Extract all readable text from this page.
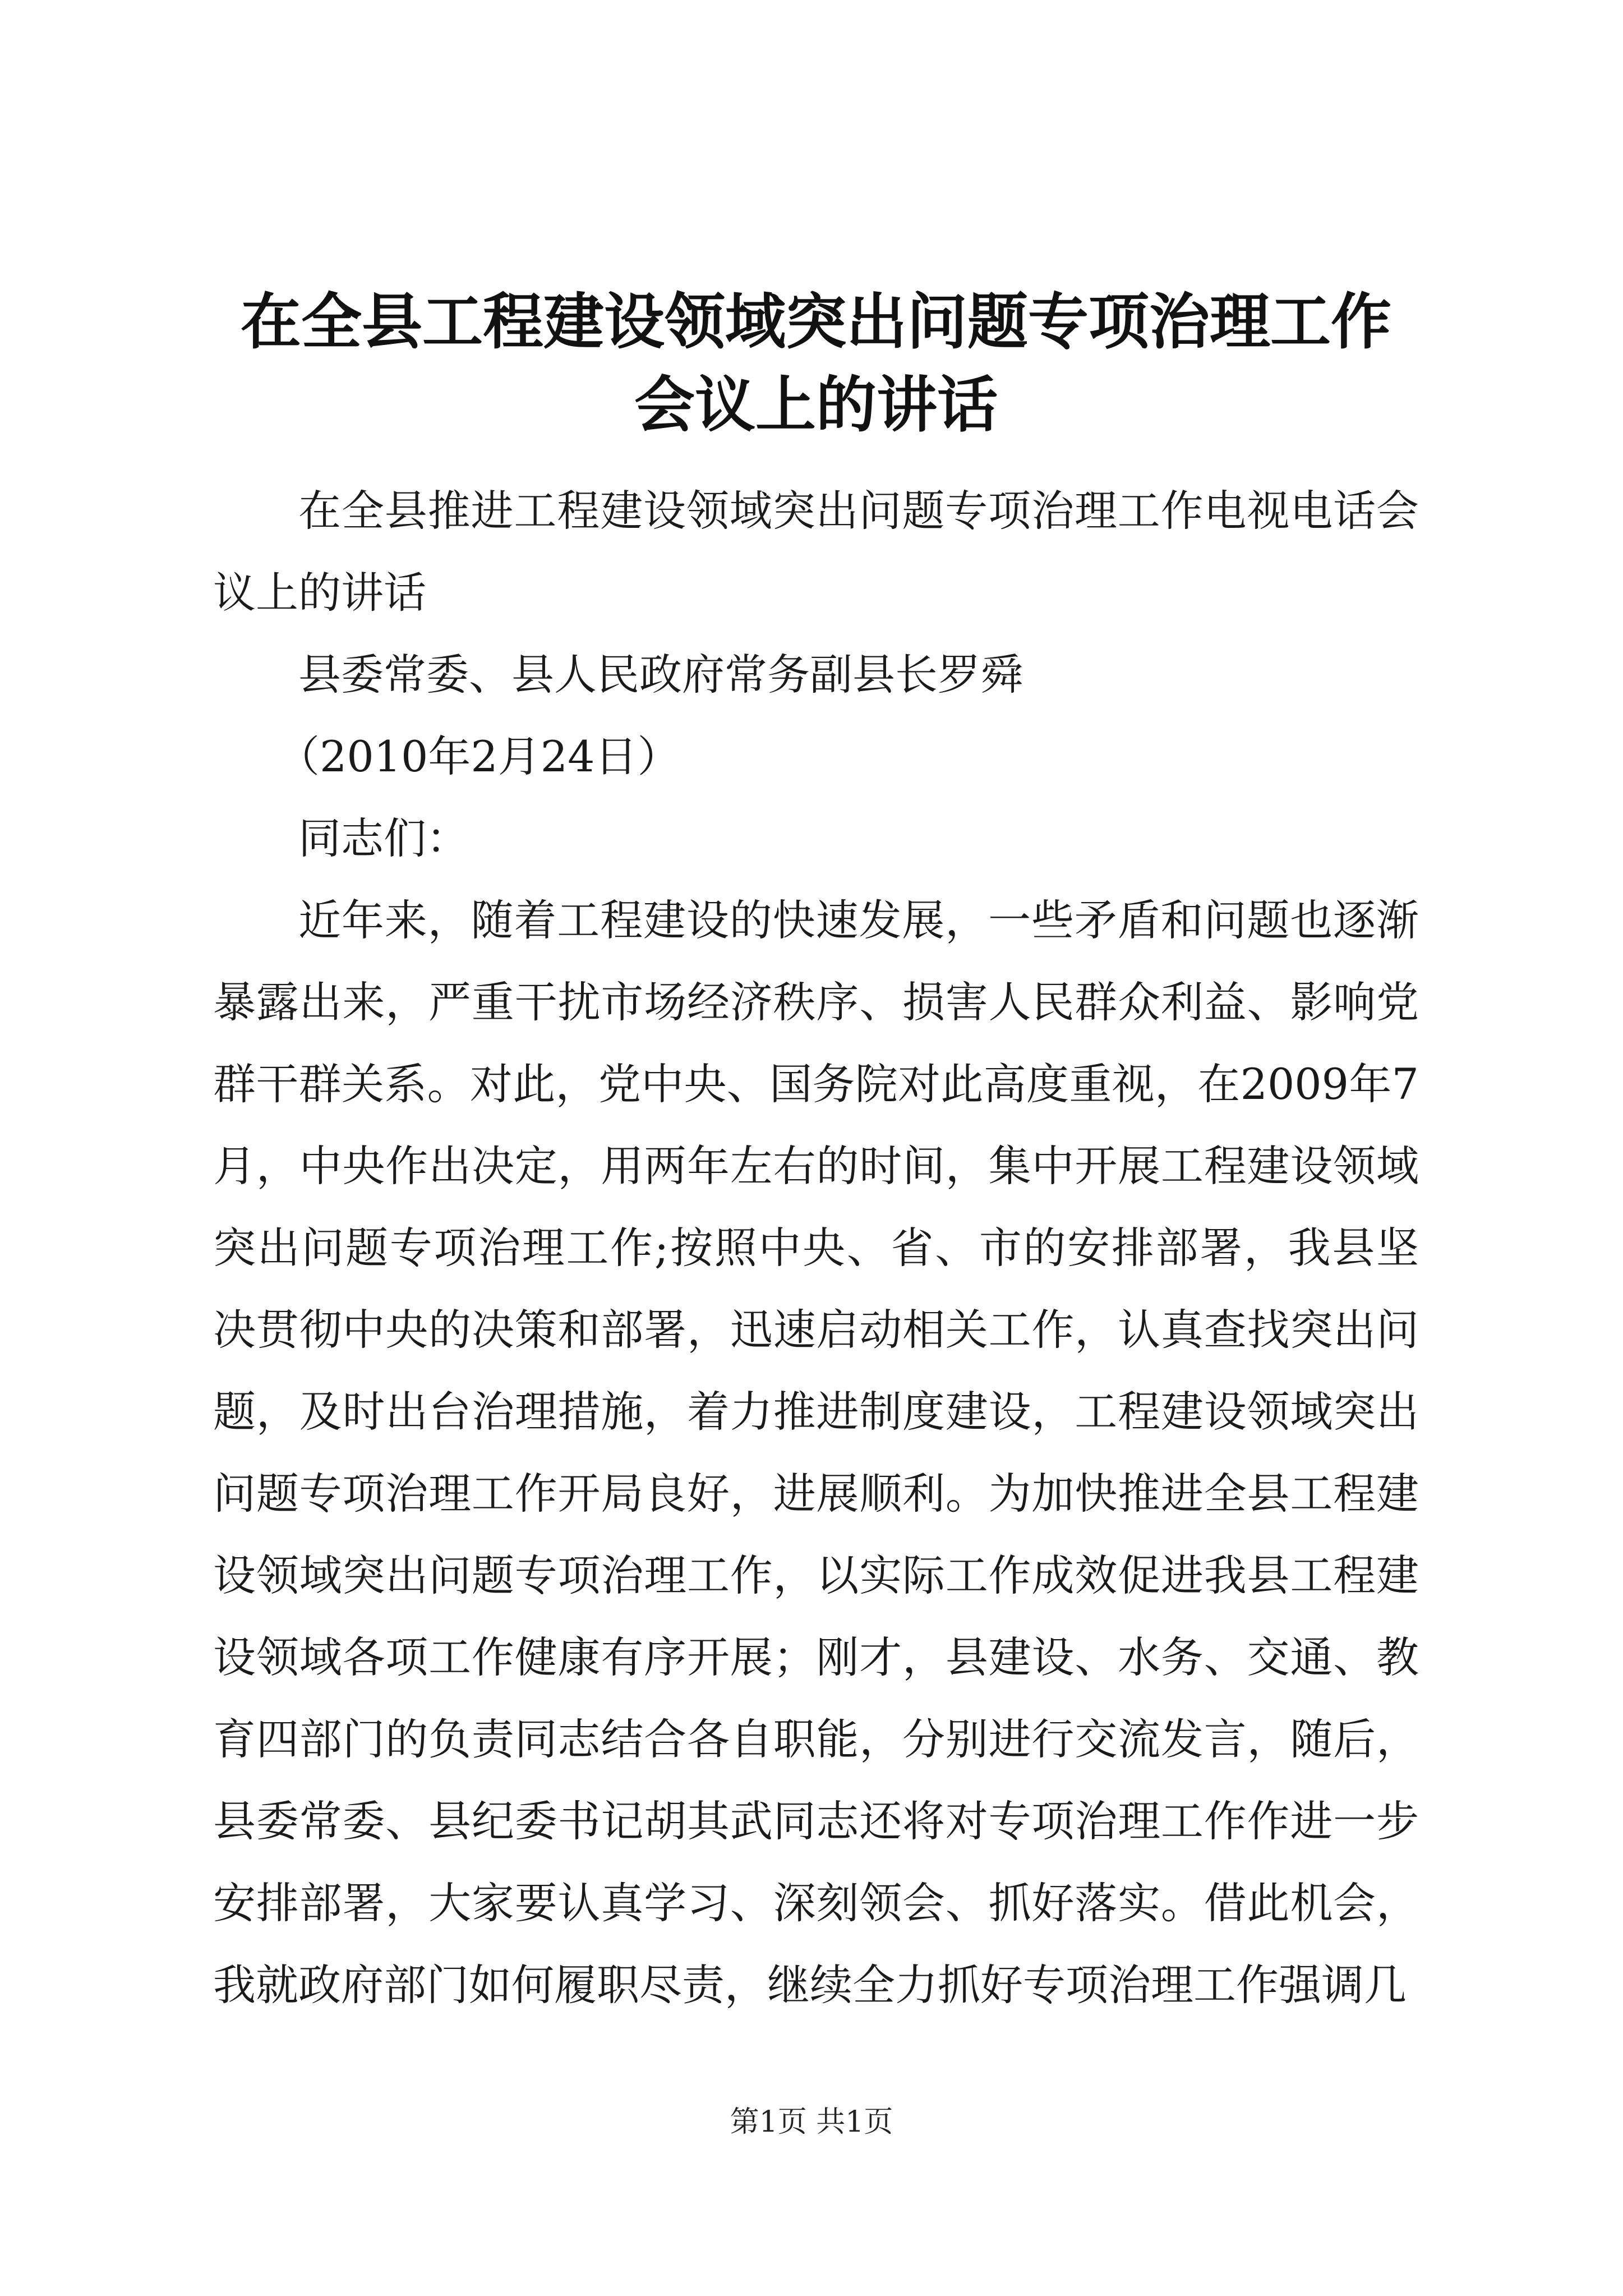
在全县工程建设领域突出问题专项治理工作会议上的讲话

在全县推进工程建设领域突出问题专项治理工作电视电话会议上的讲话

县委常委、县人民政府常务副县长罗舜

（2010年2月24日）

同志们：

近年来，随着工程建设的快速发展，一些矛盾和问题也逐渐暴露出来，严重干扰市场经济秩序、损害人民群众利益、影响党群干群关系。对此，党中央、国务院对此高度重视，在2009年7月，中央作出决定，用两年左右的时间，集中开展工程建设领域突出问题专项治理工作;按照中央、省、市的安排部署，我县坚决贯彻中央的决策和部署，迅速启动相关工作，认真查找突出问题，及时出台治理措施，着力推进制度建设，工程建设领域突出问题专项治理工作开局良好，进展顺利。为加快推进全县工程建设领域突出问题专项治理工作，以实际工作成效促进我县工程建设领域各项工作健康有序开展；刚才，县建设、水务、交通、教育四部门的负责同志结合各自职能，分别进行交流发言，随后，县委常委、县纪委书记胡其武同志还将对专项治理工作作进一步安排部署，大家要认真学习、深刻领会、抓好落实。借此机会，我就政府部门如何履职尽责，继续全力抓好专项治理工作强调几

第1页 共1页
